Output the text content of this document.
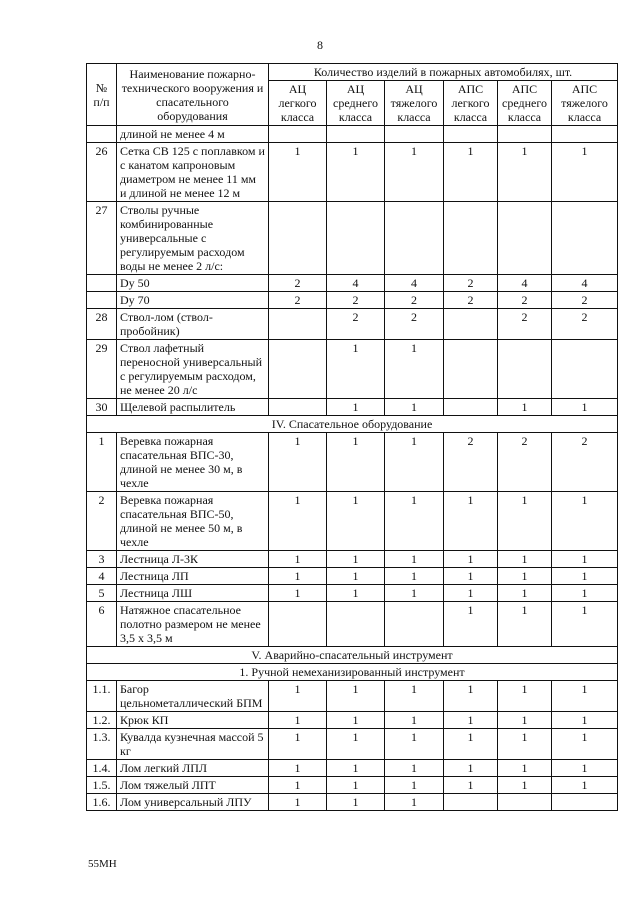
8
№ п/п	Наименование пожарно-технического вооружения и спасательного оборудования	Количество изделий в пожарных автомобилях, шт.					
		АЦ легкого класса	АЦ среднего класса	АЦ тяжелого класса	АПС легкого класса	АПС среднего класса	АПС тяжелого класса
	длиной не менее 4 м						
26	Сетка СВ 125 с поплавком и с канатом капроновым диаметром не менее 11 мм и длиной не менее 12 м	1	1	1	1	1	1
27	Стволы ручные комбинированные универсальные с регулируемым расходом воды не менее 2 л/с:						
	Dy 50	2	4	4	2	4	4
	Dy 70	2	2	2	2	2	2
28	Ствол-лом (ствол-пробойник)		2	2		2	2
29	Ствол лафетный переносной универсальный с регулируемым расходом, не менее 20 л/с		1	1			
30	Щелевой распылитель		1	1		1	1
IV. Спасательное оборудование							
1	Веревка пожарная спасательная ВПС-30, длиной не менее 30 м, в чехле	1	1	1	2	2	2
2	Веревка пожарная спасательная ВПС-50, длиной не менее 50 м, в чехле	1	1	1	1	1	1
3	Лестница Л-3К	1	1	1	1	1	1
4	Лестница ЛП	1	1	1	1	1	1
5	Лестница ЛШ	1	1	1	1	1	1
6	Натяжное спасательное полотно размером не менее 3,5 х 3,5 м				1	1	1
V. Аварийно-спасательный инструмент							
1. Ручной немеханизированный инструмент							
1.1.	Багор цельнометаллический БПМ	1	1	1	1	1	1
1.2.	Крюк КП	1	1	1	1	1	1
1.3.	Кувалда кузнечная массой 5 кг	1	1	1	1	1	1
1.4.	Лом легкий ЛПЛ	1	1	1	1	1	1
1.5.	Лом тяжелый ЛПТ	1	1	1	1	1	1
1.6.	Лом универсальный ЛПУ	1	1	1			
55МН
